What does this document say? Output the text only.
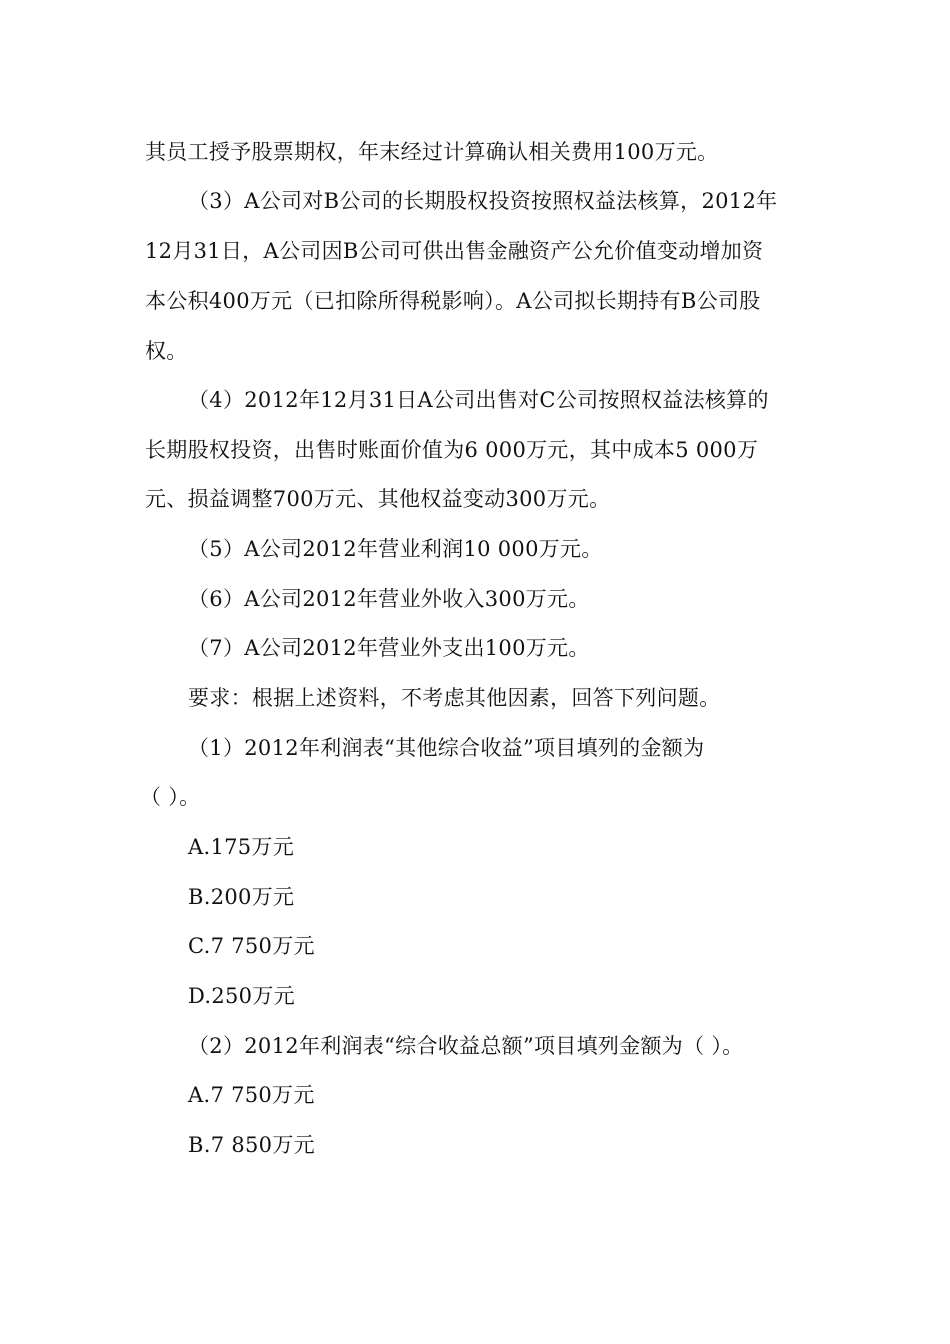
其员工授予股票期权，年末经过计算确认相关费用100万元。
（3）A公司对B公司的长期股权投资按照权益法核算，2012年
12月31日，A公司因B公司可供出售金融资产公允价值变动增加资
本公积400万元（已扣除所得税影响）。A公司拟长期持有B公司股
权。
（4）2012年12月31日A公司出售对C公司按照权益法核算的
长期股权投资，出售时账面价值为6 000万元，其中成本5 000万
元、损益调整700万元、其他权益变动300万元。
（5）A公司2012年营业利润10 000万元。
（6）A公司2012年营业外收入300万元。
（7）A公司2012年营业外支出100万元。
要求：根据上述资料，不考虑其他因素，回答下列问题。
（1）2012年利润表“其他综合收益”项目填列的金额为
（ ）。
A.175万元
B.200万元
C.7 750万元
D.250万元
（2）2012年利润表“综合收益总额”项目填列金额为（ ）。
A.7 750万元
B.7 850万元
